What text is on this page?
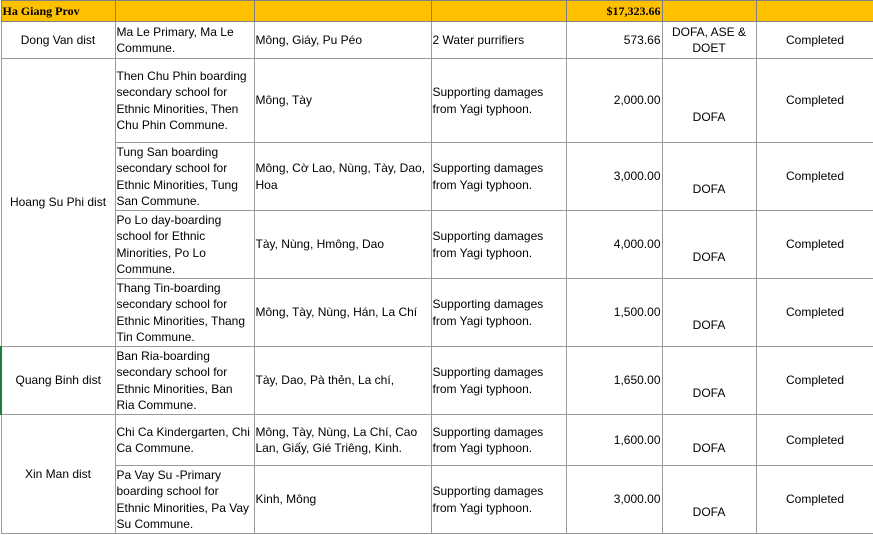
Ha Giang Prov				$17,323.66		
Dong Van dist	Ma Le Primary, Ma Le Commune.	Mông, Giáy, Pu Péo	2 Water purrifiers	573.66	DOFA, ASE & DOET	Completed
Hoang Su Phi dist	Then Chu Phin boarding secondary school for Ethnic Minorities, Then Chu Phin Commune.	Mông, Tày	Supporting damages from Yagi typhoon.	2,000.00	DOFA	Completed
	Tung San boarding secondary school for Ethnic Minorities, Tung San Commune.	Mông, Cờ Lao, Nùng, Tày, Dao, Hoa	Supporting damages from Yagi typhoon.	3,000.00	DOFA	Completed
	Po Lo day-boarding school for Ethnic Minorities, Po Lo Commune.	Tày, Nùng, Hmông, Dao	Supporting damages from Yagi typhoon.	4,000.00	DOFA	Completed
	Thang Tin-boarding secondary school for Ethnic Minorities, Thang Tin Commune.	Mông, Tày, Nùng, Hán, La Chí	Supporting damages from Yagi typhoon.	1,500.00	DOFA	Completed
Quang Binh dist	Ban Ria-boarding secondary school for Ethnic Minorities, Ban Ria Commune.	Tày, Dao, Pà thẻn, La chí,	Supporting damages from Yagi typhoon.	1,650.00	DOFA	Completed
Xin Man dist	Chi Ca Kindergarten, Chi Ca Commune.	Mông, Tày, Nùng, La Chí, Cao Lan, Giấy, Gié Triêng, Kinh.	Supporting damages from Yagi typhoon.	1,600.00	DOFA	Completed
	Pa Vay Su -Primary boarding school for Ethnic Minorities, Pa Vay Su Commune.	Kinh, Mông	Supporting damages from Yagi typhoon.	3,000.00	DOFA	Completed
